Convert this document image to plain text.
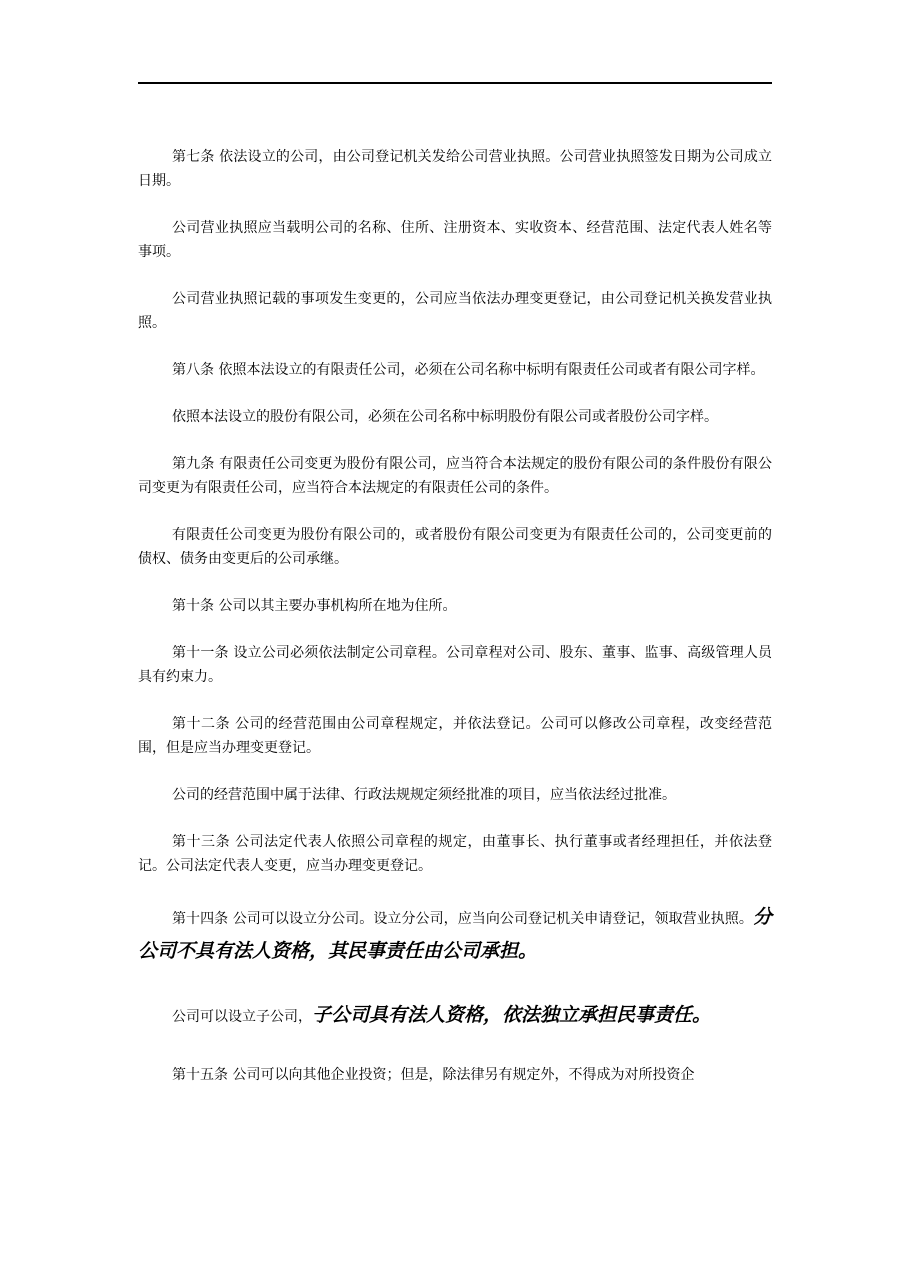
第七条 依法设立的公司，由公司登记机关发给公司营业执照。公司营业执照签发日期为公司成立日期。

公司营业执照应当载明公司的名称、住所、注册资本、实收资本、经营范围、法定代表人姓名等事项。

公司营业执照记载的事项发生变更的，公司应当依法办理变更登记，由公司登记机关换发营业执照。

第八条 依照本法设立的有限责任公司，必须在公司名称中标明有限责任公司或者有限公司字样。

依照本法设立的股份有限公司，必须在公司名称中标明股份有限公司或者股份公司字样。

第九条 有限责任公司变更为股份有限公司，应当符合本法规定的股份有限公司的条件股份有限公司变更为有限责任公司，应当符合本法规定的有限责任公司的条件。

有限责任公司变更为股份有限公司的，或者股份有限公司变更为有限责任公司的，公司变更前的债权、债务由变更后的公司承继。

第十条 公司以其主要办事机构所在地为住所。

第十一条 设立公司必须依法制定公司章程。公司章程对公司、股东、董事、监事、高级管理人员具有约束力。

第十二条 公司的经营范围由公司章程规定，并依法登记。公司可以修改公司章程，改变经营范围，但是应当办理变更登记。

公司的经营范围中属于法律、行政法规规定须经批准的项目，应当依法经过批准。

第十三条 公司法定代表人依照公司章程的规定，由董事长、执行董事或者经理担任，并依法登记。公司法定代表人变更，应当办理变更登记。

第十四条 公司可以设立分公司。设立分公司，应当向公司登记机关申请登记，领取营业执照。分公司不具有法人资格，其民事责任由公司承担。

公司可以设立子公司，子公司具有法人资格，依法独立承担民事责任。

第十五条 公司可以向其他企业投资；但是，除法律另有规定外，不得成为对所投资企
